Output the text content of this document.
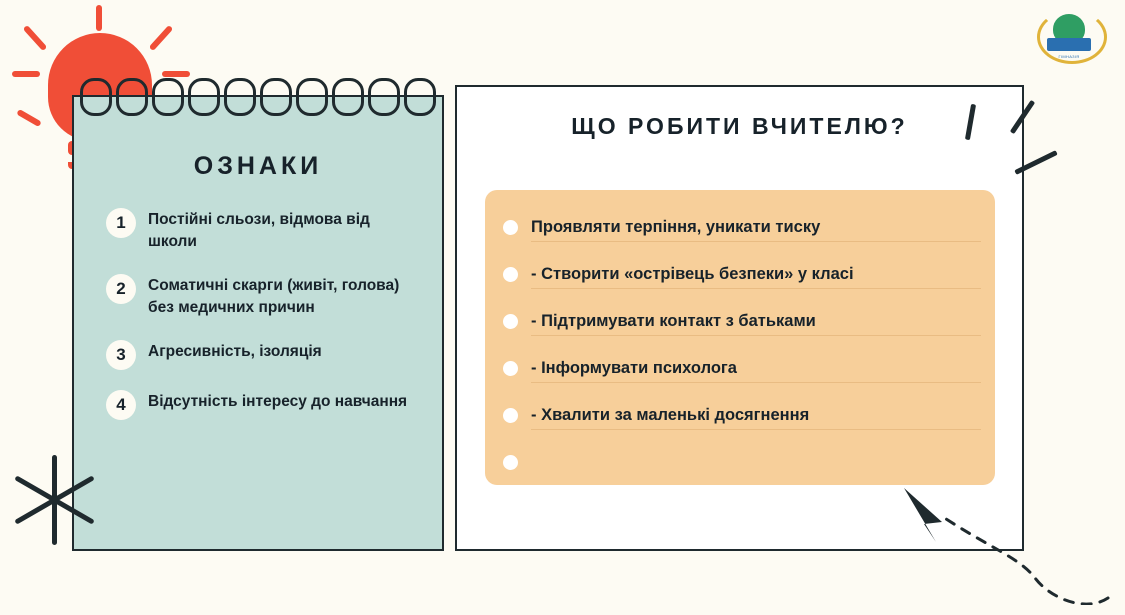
ГІМНАЗІЯ
ОЗНАКИ
1	Постійні сльози, відмова від школи
2	Соматичні скарги (живіт, голова) без медичних причин
3	Агресивність, ізоляція
4	Відсутність інтересу до навчання
ЩО РОБИТИ ВЧИТЕЛЮ?
Проявляти терпіння, уникати тиску
- Створити «острівець безпеки» у класі
- Підтримувати контакт з батьками
- Інформувати психолога
- Хвалити за маленькі досягнення
